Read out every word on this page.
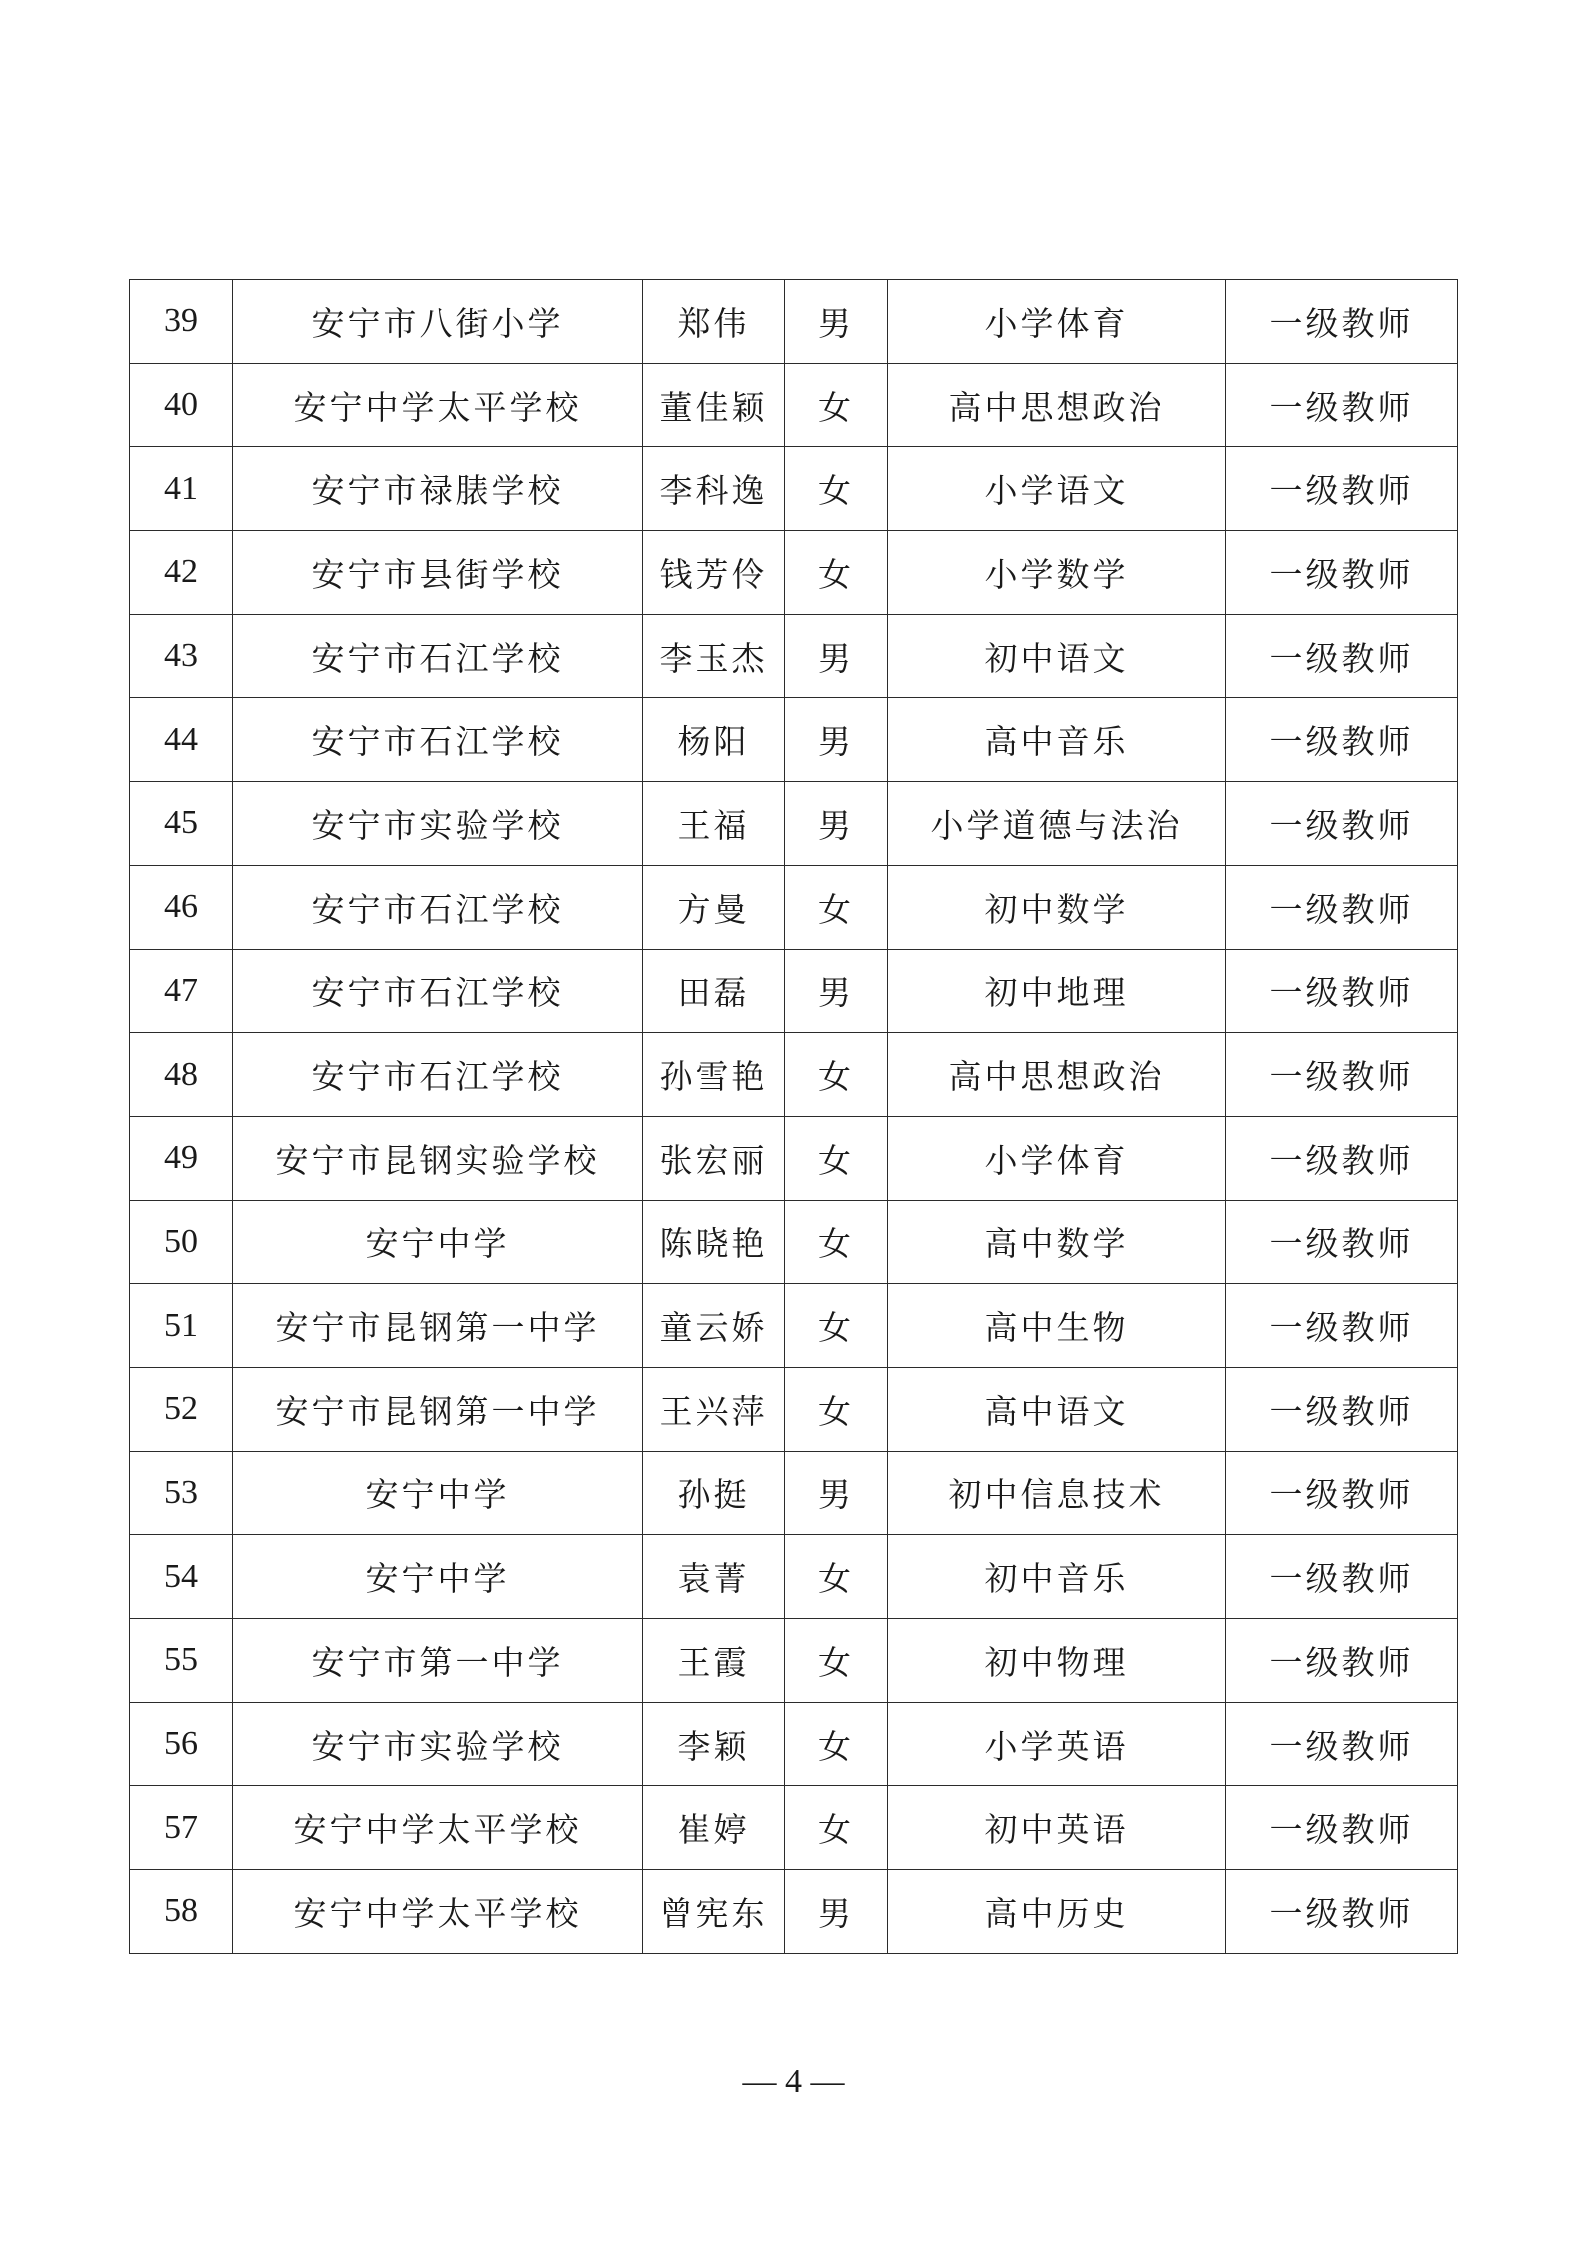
39	安宁市八街小学	郑伟	男	小学体育	一级教师
40	安宁中学太平学校	董佳颖	女	高中思想政治	一级教师
41	安宁市禄脿学校	李科逸	女	小学语文	一级教师
42	安宁市县街学校	钱芳伶	女	小学数学	一级教师
43	安宁市石江学校	李玉杰	男	初中语文	一级教师
44	安宁市石江学校	杨阳	男	高中音乐	一级教师
45	安宁市实验学校	王福	男	小学道德与法治	一级教师
46	安宁市石江学校	方曼	女	初中数学	一级教师
47	安宁市石江学校	田磊	男	初中地理	一级教师
48	安宁市石江学校	孙雪艳	女	高中思想政治	一级教师
49	安宁市昆钢实验学校	张宏丽	女	小学体育	一级教师
50	安宁中学	陈晓艳	女	高中数学	一级教师
51	安宁市昆钢第一中学	童云娇	女	高中生物	一级教师
52	安宁市昆钢第一中学	王兴萍	女	高中语文	一级教师
53	安宁中学	孙挺	男	初中信息技术	一级教师
54	安宁中学	袁菁	女	初中音乐	一级教师
55	安宁市第一中学	王霞	女	初中物理	一级教师
56	安宁市实验学校	李颖	女	小学英语	一级教师
57	安宁中学太平学校	崔婷	女	初中英语	一级教师
58	安宁中学太平学校	曾宪东	男	高中历史	一级教师
— 4 —
